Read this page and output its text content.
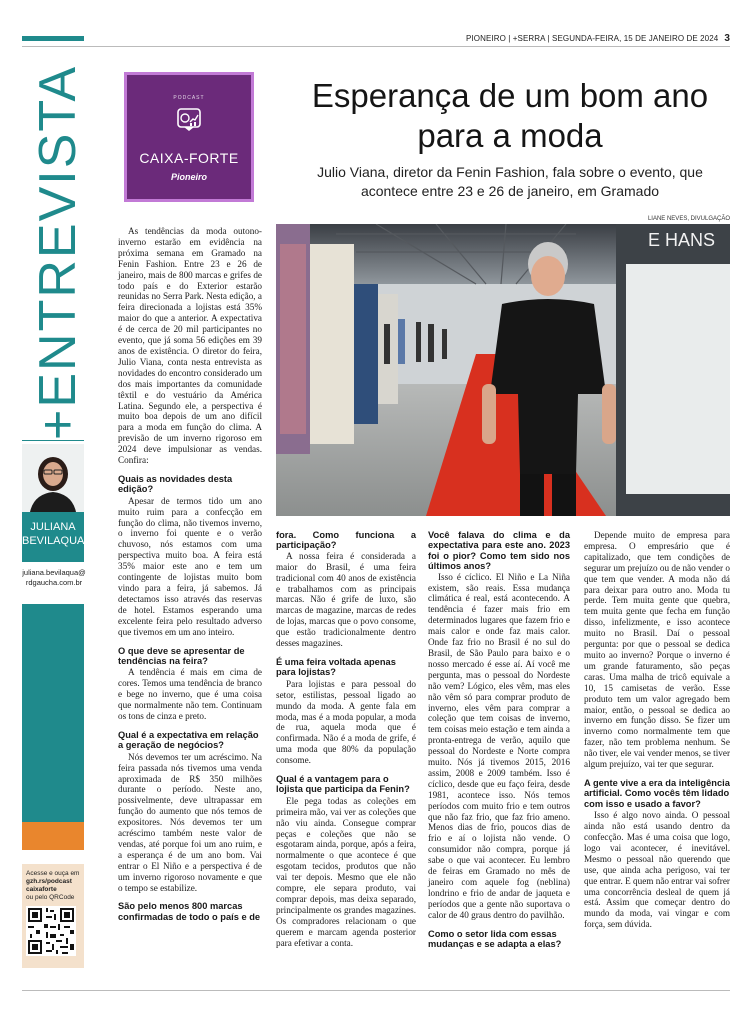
PIONEIRO | +SERRA | SEGUNDA-FEIRA, 15 DE JANEIRO DE 2024 3
+ENTREVISTA
JULIANA
BEVILAQUA
juliana.bevilaqua@ rdgaucha.com.br
Acesse e ouça em
gzh.rs/podcast caixaforte
ou pelo QRCode
PODCAST
CAIXA-FORTE
Pioneiro
Esperança de um bom ano para a moda
Julio Viana, diretor da Fenin Fashion, fala sobre o evento, que acontece entre 23 e 26 de janeiro, em Gramado
LIANE NEVES, DIVULGAÇÃO
E HANS

As tendências da moda outono-inverno estarão em evidência na próxima semana em Gramado na Fenin Fashion. Entre 23 e 26 de janeiro, mais de 800 marcas e grifes de todo país e do Exterior estarão reunidas no Serra Park. Nesta edição, a feira direcionada a lojistas está 35% maior do que a anterior. A expectativa é de cerca de 20 mil participantes no evento, que já soma 56 edições em 39 anos de existência. O diretor do feira, Julio Viana, conta nesta entrevista as novidades do encontro considerado um dos mais importantes da comunidade têxtil e do vestuário da América Latina. Segundo ele, a perspectiva é muito boa depois de um ano difícil para a moda em função do clima. A previsão de um inverno rigoroso em 2024 deve impulsionar as vendas. Confira:

Quais as novidades desta edição?

Apesar de termos tido um ano muito ruim para a confecção em função do clima, não tivemos inverno, o inverno foi quente e o verão chuvoso, nós estamos com uma perspectiva muito boa. A feira está 35% maior este ano e tem um contingente de lojistas muito bom vindo para a feira, já sabemos. Já detectamos isso através das reservas de hotel. Estamos esperando uma excelente feira pelo resultado adverso que tivemos em um ano inteiro.

O que deve se apresentar de tendências na feira?

A tendência é mais em cima de cores. Temos uma tendência de branco e bege no inverno, que é uma coisa que normalmente não tem. Continuam os tons de cinza e preto.

Qual é a expectativa em relação a geração de negócios?

Nós devemos ter um acréscimo. Na feira passada nós tivemos uma venda aproximada de R$ 350 milhões durante o período. Neste ano, possivelmente, deve ultrapassar em função do aumento que nós temos de expositores. Nós devemos ter um acréscimo também neste valor de vendas, até porque foi um ano ruim, e a esperança é de um ano bom. Vai entrar o El Niño e a perspectiva é de um inverno rigoroso novamente e que o tempo se estabilize.

São pelo menos 800 marcas confirmadas de todo o país e de
fora. Como funciona a participação?

A nossa feira é considerada a maior do Brasil, é uma feira tradicional com 40 anos de existência e trabalhamos com as principais marcas. Não é grife de luxo, são marcas de magazine, marcas de redes de lojas, marcas que o povo consome, que estão tradicionalmente dentro desses magazines.

É uma feira voltada apenas para lojistas?

Para lojistas e para pessoal do setor, estilistas, pessoal ligado ao mundo da moda. A gente fala em moda, mas é a moda popular, a moda de rua, aquela moda que é confirmada. Não é a moda de grife, é uma moda que 80% da população consome.

Qual é a vantagem para o lojista que participa da Fenin?

Ele pega todas as coleções em primeira mão, vai ver as coleções que não viu ainda. Consegue comprar peças e coleções que não se esgotaram ainda, porque, após a feira, normalmente o que acontece é que esgotam tecidos, produtos que não vai ter depois. Mesmo que ele não compre, ele separa produto, vai comprar depois, mas deixa separado, principalmente os grandes magazines. Os compradores relacionam o que querem e marcam agenda posterior para efetivar a conta.

Você falava do clima e da expectativa para este ano. 2023 foi o pior? Como tem sido nos últimos anos?

Isso é cíclico. El Niño e La Niña existem, são reais. Essa mudança climática é real, está acontecendo. A tendência é fazer mais frio em determinados lugares que fazem frio e mais calor e onde faz mais calor. Onde faz frio no Brasil é no sul do Brasil, de São Paulo para baixo e o nosso mercado é esse aí. Aí você me pergunta, mas o pessoal do Nordeste não vem? Lógico, eles vêm, mas eles não vêm só para comprar produto de inverno, eles vêm para comprar a coleção que tem coisas de inverno, tem coisas meio estação e tem ainda a pronta-entrega de verão, aquilo que pessoal do Nordeste e Norte compra muito. Nós já tivemos 2015, 2016 assim, 2008 e 2009 também. Isso é cíclico, desde que eu faço feira, desde 1981, acontece isso. Nós temos períodos com muito frio e tem outros que não faz frio, que faz frio ameno. Menos dias de frio, poucos dias de frio e aí o lojista não vende. O consumidor não compra, porque já sabe o que vai acontecer. Eu lembro de feiras em Gramado no mês de janeiro com aquele fog (neblina) londrino e frio de andar de jaqueta e períodos que a gente não suportava o calor de 40 graus dentro do pavilhão.

Como o setor lida com essas mudanças e se adapta a elas?

Depende muito de empresa para empresa. O empresário que é capitalizado, que tem condições de segurar um prejuízo ou de não vender o que tem que vender. A moda não dá para deixar para outro ano. Moda tu perde. Tem muita gente que quebra, tem muita gente que fecha em função disso, infelizmente, e isso acontece muito no Brasil. Daí o pessoal pergunta: por que o pessoal se dedica muito ao inverno? Porque o inverno é um grande faturamento, são peças caras. Uma malha de tricô equivale a 10, 15 camisetas de verão. Esse produto tem um valor agregado bem maior, então, o pessoal se dedica ao inverno em função disso. Se fizer um inverno como normalmente tem que fazer, não tem problema nenhum. Se não tiver, ele vai vender menos, se tiver algum prejuízo, vai ter que segurar.

A gente vive a era da inteligência artificial. Como vocês têm lidado com isso e usado a favor?

Isso é algo novo ainda. O pessoal ainda não está usando dentro da confecção. Mas é uma coisa que logo, logo vai acontecer, é inevitável. Mesmo o pessoal não querendo que use, que ainda acha perigoso, vai ter que entrar. E quem não entrar vai sofrer uma concorrência desleal de quem já está. Assim que começar dentro do mundo da moda, vai vingar e com força, sem dúvida.
